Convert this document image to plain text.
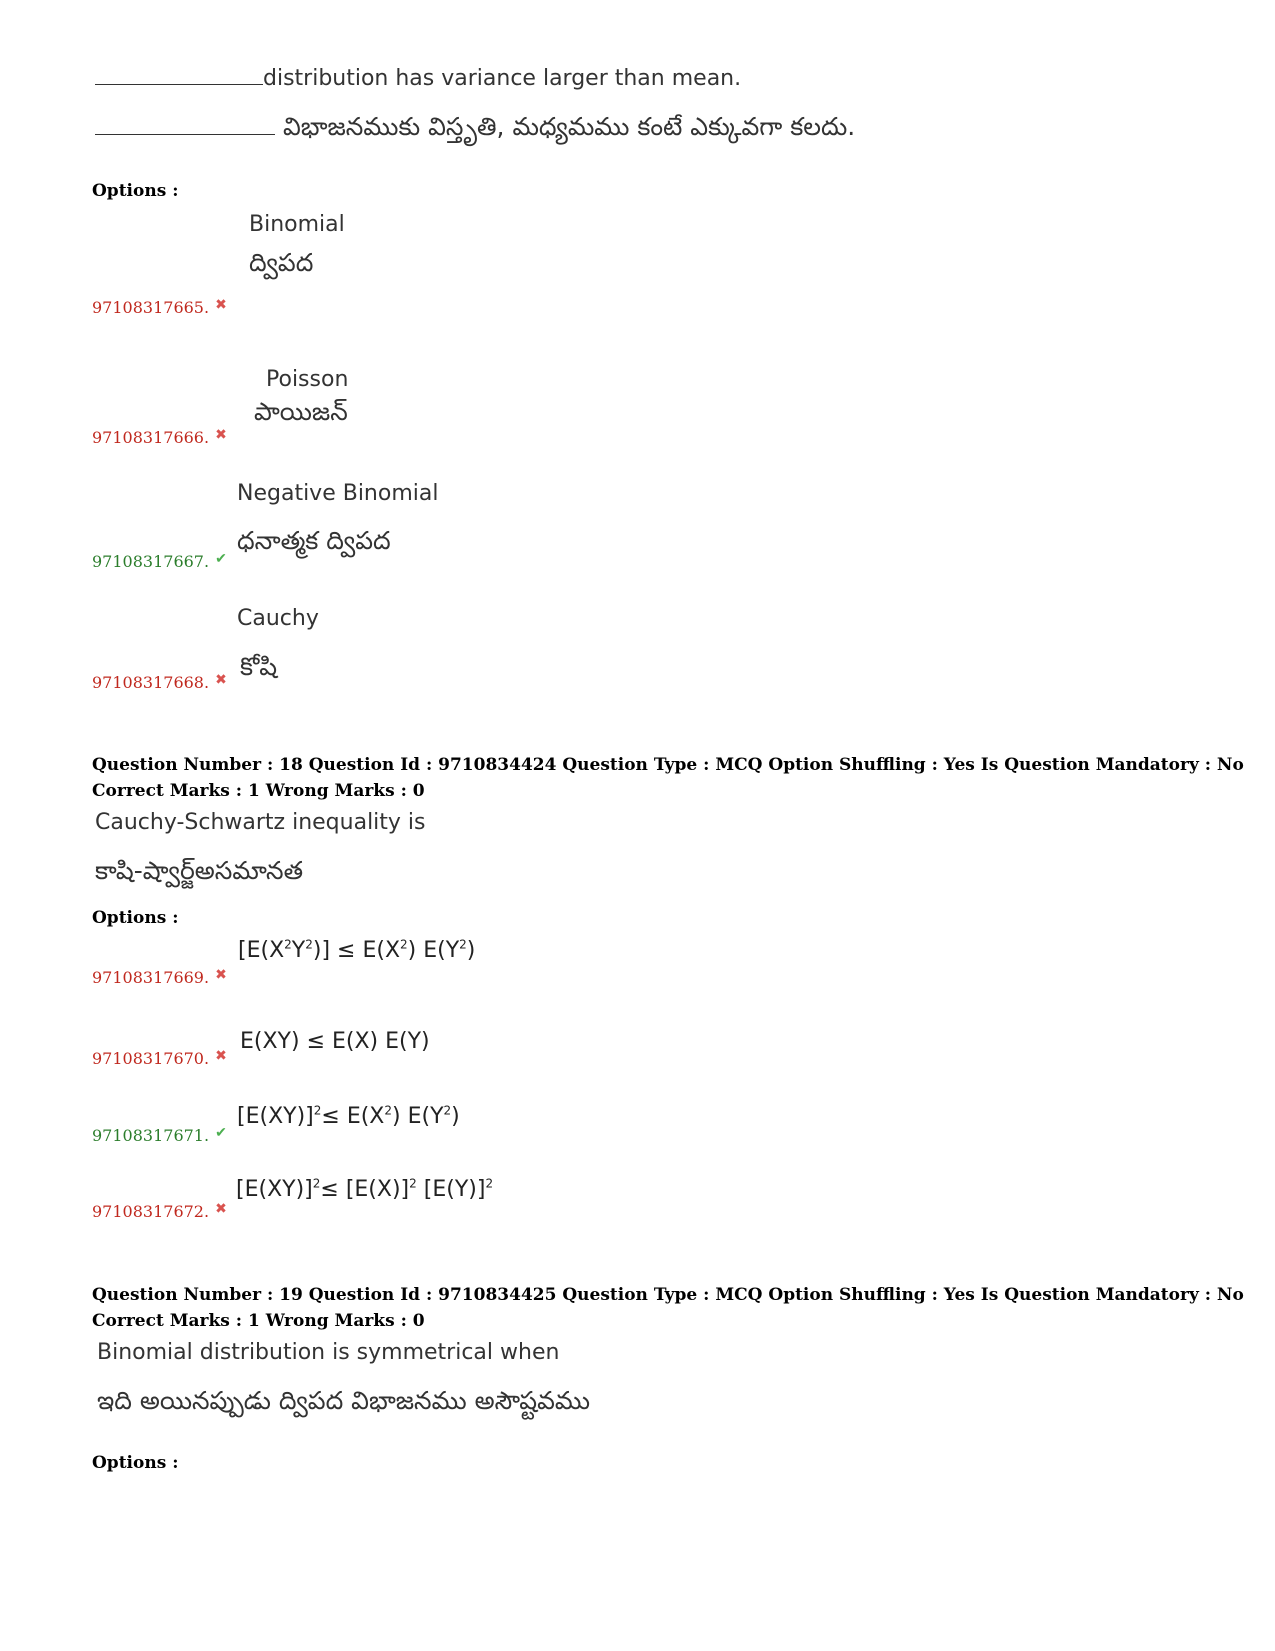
distribution has variance larger than mean.
విభాజనముకు విస్తృతి, మధ్యమము కంటే ఎక్కువగా కలదు.
Options :
Binomial
ద్విపద
97108317665. ✖
Poisson
పాయిజన్
97108317666. ✖
Negative Binomial
ధనాత్మక ద్విపద
97108317667. ✔
Cauchy
కోషి
97108317668. ✖
Question Number : 18 Question Id : 9710834424 Question Type : MCQ Option Shuffling : Yes Is Question Mandatory : No
Correct Marks : 1 Wrong Marks : 0
Cauchy-Schwartz inequality is
కాషి-ష్వార్జ్అసమానత
Options :
$[E(X^2Y^2)] \le E(X^2)$ $E(Y^2)$
97108317669. ✖
E(XY) ≤ E(X) E(Y)
97108317670. ✖
$[E(XY)]^2\le E(X^2)$ $E(Y^2)$
97108317671. ✔
$[E(XY)]^2\le [E(X)]^2$ $[E(Y)]^2$
97108317672. ✖
Question Number : 19 Question Id : 9710834425 Question Type : MCQ Option Shuffling : Yes Is Question Mandatory : No
Correct Marks : 1 Wrong Marks : 0
Binomial distribution is symmetrical when
ఇది అయినప్పుడు ద్విపద విభాజనము అసౌష్టవము
Options :
